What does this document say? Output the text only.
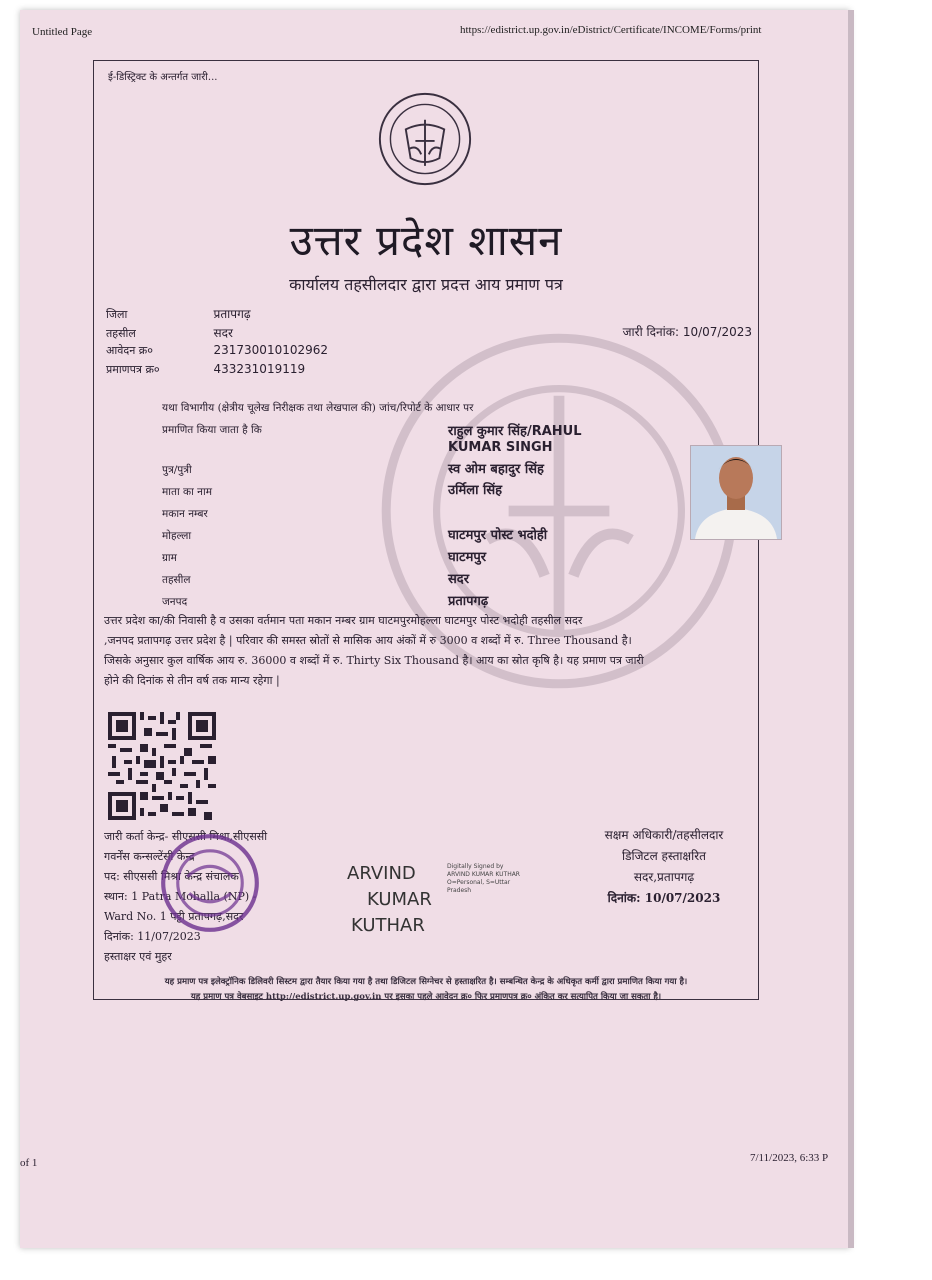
Untitled Page	https://edistrict.up.gov.in/eDistrict/Certificate/INCOME/Forms/print
ई-डिस्ट्रिक्ट के अन्तर्गत जारी...
उत्तर प्रदेश शासन
कार्यालय तहसीलदार द्वारा प्रदत्त आय प्रमाण पत्र
जिला	प्रतापगढ़
तहसील	सदर
आवेदन क्र०	231730010102962
प्रमाणपत्र क्र०	433231019119
जारी दिनांक: 10/07/2023
यथा विभागीय (क्षेत्रीय चूलेख निरीक्षक तथा लेखपाल की) जांच/रिपोर्ट के आधार पर
प्रमाणित किया जाता है कि	राहुल कुमार सिंह/RAHUL
KUMAR SINGH
पुत्र/पुत्री	स्व ओम बहादुर सिंह
माता का नाम	उर्मिला सिंह
मकान नम्बर
मोहल्ला	घाटमपुर पोस्ट भदोही
ग्राम	घाटमपुर
तहसील	सदर
जनपद	प्रतापगढ़
उत्तर प्रदेश का/की निवासी है व उसका वर्तमान पता मकान नम्बर ग्राम घाटमपुरमोहल्ला घाटमपुर पोस्ट भदोही तहसील सदर
,जनपद प्रतापगढ़ उत्तर प्रदेश है | परिवार की समस्त स्रोतों से मासिक आय अंकों में रु 3000 व शब्दों में रु. Three Thousand है।
जिसके अनुसार कुल वार्षिक आय रु. 36000 व शब्दों में रु. Thirty Six Thousand है। आय का स्रोत कृषि है। यह प्रमाण पत्र जारी
होने की दिनांक से तीन वर्ष तक मान्य रहेगा |
जारी कर्ता केन्द्र- सीएससी मिश्रा,सीएससी
गवर्नेंस कन्सल्टेंसी केन्द्र
पद: सीएससी मिश्रा केन्द्र संचालक
स्थान: 1 Patra Mohalla (NP) -
Ward No. 1 पट्टी प्रतापगढ़,सदर
दिनांक: 11/07/2023
हस्ताक्षर एवं मुहर
ARVIND
KUMAR
KUTHAR
Digitally Signed by
ARVIND KUMAR KUTHAR
O=Personal, S=Uttar
Pradesh
सक्षम अधिकारी/तहसीलदार
डिजिटल हस्ताक्षरित
सदर,प्रतापगढ़
दिनांक: 10/07/2023
यह प्रमाण पत्र इलेक्ट्रॉनिक डिलिवरी सिस्टम द्वारा तैयार किया गया है तथा डिजिटल सिग्नेचर से हस्ताक्षरित है। सम्बन्धित केन्द्र के अधिकृत कर्मी द्वारा प्रमाणित किया गया है।
यह प्रमाण पत्र वेबसाइट http://edistrict.up.gov.in पर इसका पहले आवेदन क्र० फिर प्रमाणपत्र क्र० अंकित कर सत्यापित किया जा सकता है।
of 1	7/11/2023, 6:33 P
